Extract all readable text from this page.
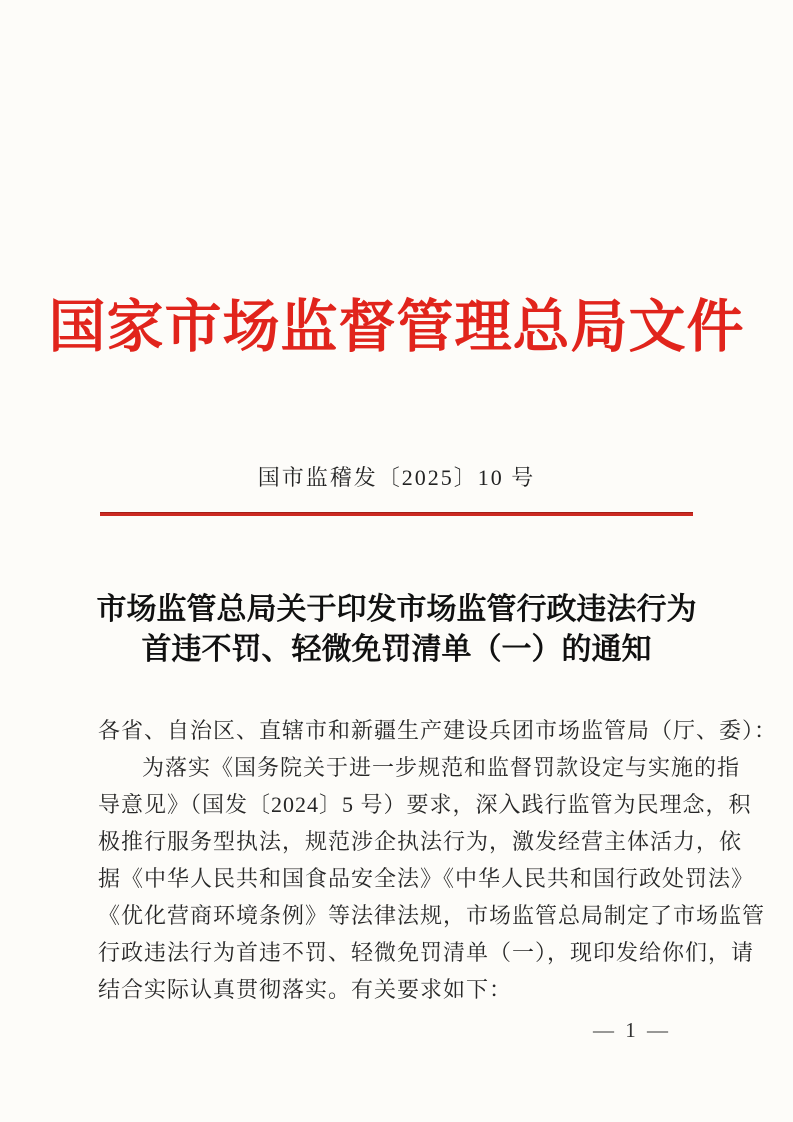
国家市场监督管理总局文件
国市监稽发〔2025〕10 号
市场监管总局关于印发市场监管行政违法行为
首违不罚、轻微免罚清单（一）的通知
各省、自治区、直辖市和新疆生产建设兵团市场监管局（厅、委）：
为落实《国务院关于进一步规范和监督罚款设定与实施的指
导意见》（国发〔2024〕5 号）要求，深入践行监管为民理念，积
极推行服务型执法，规范涉企执法行为，激发经营主体活力，依
据《中华人民共和国食品安全法》《中华人民共和国行政处罚法》
《优化营商环境条例》等法律法规，市场监管总局制定了市场监管
行政违法行为首违不罚、轻微免罚清单（一），现印发给你们，请
结合实际认真贯彻落实。有关要求如下：
— 1 —
